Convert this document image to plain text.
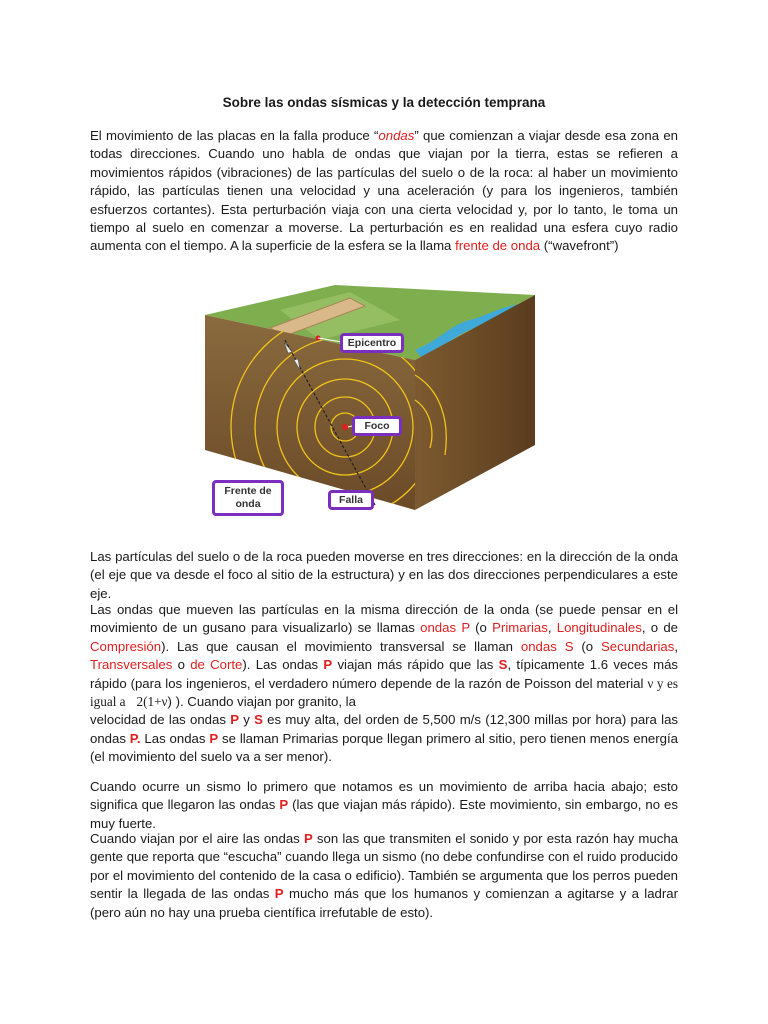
Sobre las ondas sísmicas y la detección temprana

El movimiento de las placas en la falla produce “ondas” que comienzan a viajar desde esa zona en todas direcciones. Cuando uno habla de ondas que viajan por la tierra, estas se refieren a movimientos rápidos (vibraciones) de las partículas del suelo o de la roca: al haber un movimiento rápido, las partículas tienen una velocidad y una aceleración (y para los ingenieros, también esfuerzos cortantes). Esta perturbación viaja con una cierta velocidad y, por lo tanto, le toma un tiempo al suelo en comenzar a moverse. La perturbación es en realidad una esfera cuyo radio aumenta con el tiempo. A la superficie de la esfera se la llama frente de onda (“wavefront”)

Epicentro
Foco
Frente de onda	Falla

Las partículas del suelo o de la roca pueden moverse en tres direcciones: en la dirección de la onda (el eje que va desde el foco al sitio de la estructura) y en las dos direcciones perpendiculares a este eje.

Las ondas que mueven las partículas en la misma dirección de la onda (se puede pensar en el movimiento de un gusano para visualizarlo) se llamas ondas P (o Primarias, Longitudinales, o de Compresión). Las que causan el movimiento transversal se llaman ondas S (o Secundarias, Transversales o de Corte). Las ondas P viajan más rápido que las S, típicamente 1.6 veces más rápido (para los ingenieros, el verdadero número depende de la razón de Poisson del material ν y es igual a 2(1+ν) ). Cuando viajan por granito, la
velocidad de las ondas P y S es muy alta, del orden de 5,500 m/s (12,300 millas por hora) para las ondas P. Las ondas P se llaman Primarias porque llegan primero al sitio, pero tienen menos energía (el movimiento del suelo va a ser menor).

Cuando ocurre un sismo lo primero que notamos es un movimiento de arriba hacia abajo; esto significa que llegaron las ondas P (las que viajan más rápido). Este movimiento, sin embargo, no es muy fuerte.

Cuando viajan por el aire las ondas P son las que transmiten el sonido y por esta razón hay mucha gente que reporta que “escucha” cuando llega un sismo (no debe confundirse con el ruido producido por el movimiento del contenido de la casa o edificio). También se argumenta que los perros pueden sentir la llegada de las ondas P mucho más que los humanos y comienzan a agitarse y a ladrar (pero aún no hay una prueba científica irrefutable de esto).
